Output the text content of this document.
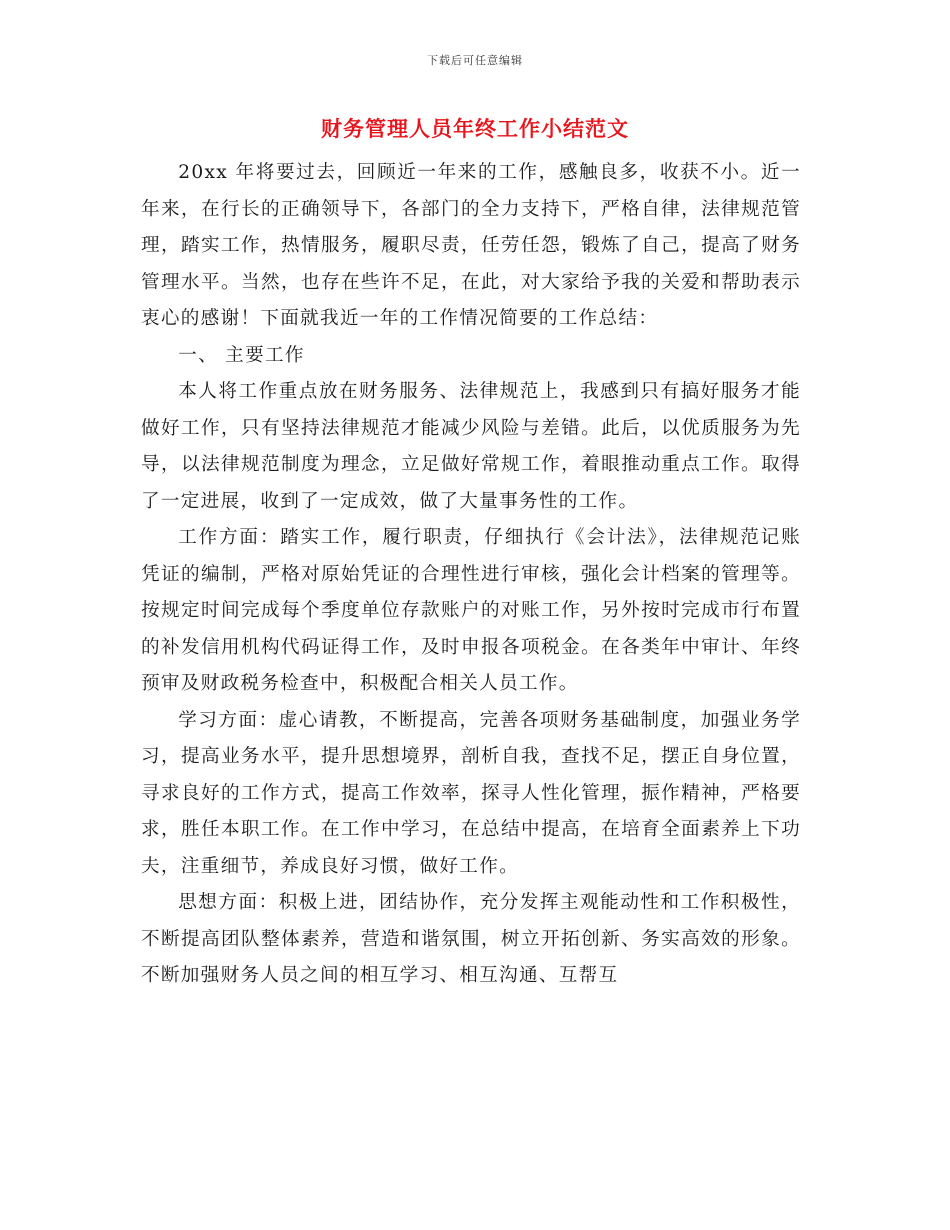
下载后可任意编辑
财务管理人员年终工作小结范文

20xx 年将要过去，回顾近一年来的工作，感触良多，收获不小。近一年来，在行长的正确领导下，各部门的全力支持下，严格自律，法律规范管理，踏实工作，热情服务，履职尽责，任劳任怨，锻炼了自己，提高了财务管理水平。当然，也存在些许不足，在此，对大家给予我的关爱和帮助表示衷心的感谢！下面就我近一年的工作情况简要的工作总结：

一、 主要工作

本人将工作重点放在财务服务、法律规范上，我感到只有搞好服务才能做好工作，只有坚持法律规范才能减少风险与差错。此后，以优质服务为先导，以法律规范制度为理念，立足做好常规工作，着眼推动重点工作。取得了一定进展，收到了一定成效，做了大量事务性的工作。

工作方面：踏实工作，履行职责，仔细执行《会计法》，法律规范记账凭证的编制，严格对原始凭证的合理性进行审核，强化会计档案的管理等。按规定时间完成每个季度单位存款账户的对账工作，另外按时完成市行布置的补发信用机构代码证得工作，及时申报各项税金。在各类年中审计、年终预审及财政税务检查中，积极配合相关人员工作。

学习方面：虚心请教，不断提高，完善各项财务基础制度，加强业务学习，提高业务水平，提升思想境界，剖析自我，查找不足，摆正自身位置，寻求良好的工作方式，提高工作效率，探寻人性化管理，振作精神，严格要求，胜任本职工作。在工作中学习，在总结中提高，在培育全面素养上下功夫，注重细节，养成良好习惯，做好工作。

思想方面：积极上进，团结协作，充分发挥主观能动性和工作积极性，不断提高团队整体素养，营造和谐氛围，树立开拓创新、务实高效的形象。不断加强财务人员之间的相互学习、相互沟通、互帮互
